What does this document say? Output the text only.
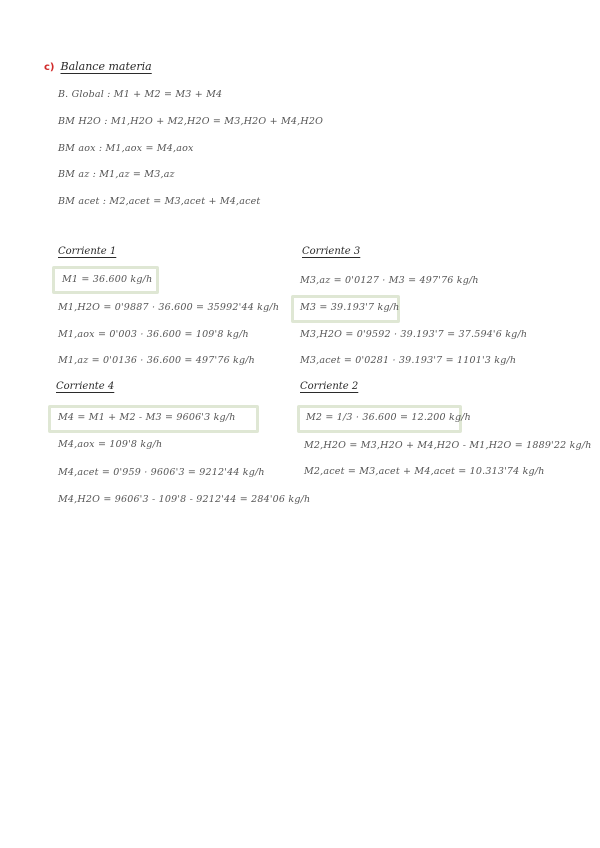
c) Balance materia
B. Global : M1 + M2 = M3 + M4
BM H2O : M1,H2O + M2,H2O = M3,H2O + M4,H2O
BM aox : M1,aox = M4,aox
BM az : M1,az = M3,az
BM acet : M2,acet = M3,acet + M4,acet
Corriente 1
M1 = 36.600 kg/h
M1,H2O = 0'9887 · 36.600 = 35992'44 kg/h
M1,aox = 0'003 · 36.600 = 109'8 kg/h
M1,az = 0'0136 · 36.600 = 497'76 kg/h
Corriente 3
M3,az = 0'0127 · M3 = 497'76 kg/h
M3 = 39.193'7 kg/h
M3,H2O = 0'9592 · 39.193'7 = 37.594'6 kg/h
M3,acet = 0'0281 · 39.193'7 = 1101'3 kg/h
Corriente 4
M4 = M1 + M2 - M3 = 9606'3 kg/h
M4,aox = 109'8 kg/h
M4,acet = 0'959 · 9606'3 = 9212'44 kg/h
M4,H2O = 9606'3 - 109'8 - 9212'44 = 284'06 kg/h
Corriente 2
M2 = 1/3 · 36.600 = 12.200 kg/h
M2,H2O = M3,H2O + M4,H2O - M1,H2O = 1889'22 kg/h
M2,acet = M3,acet + M4,acet = 10.313'74 kg/h
